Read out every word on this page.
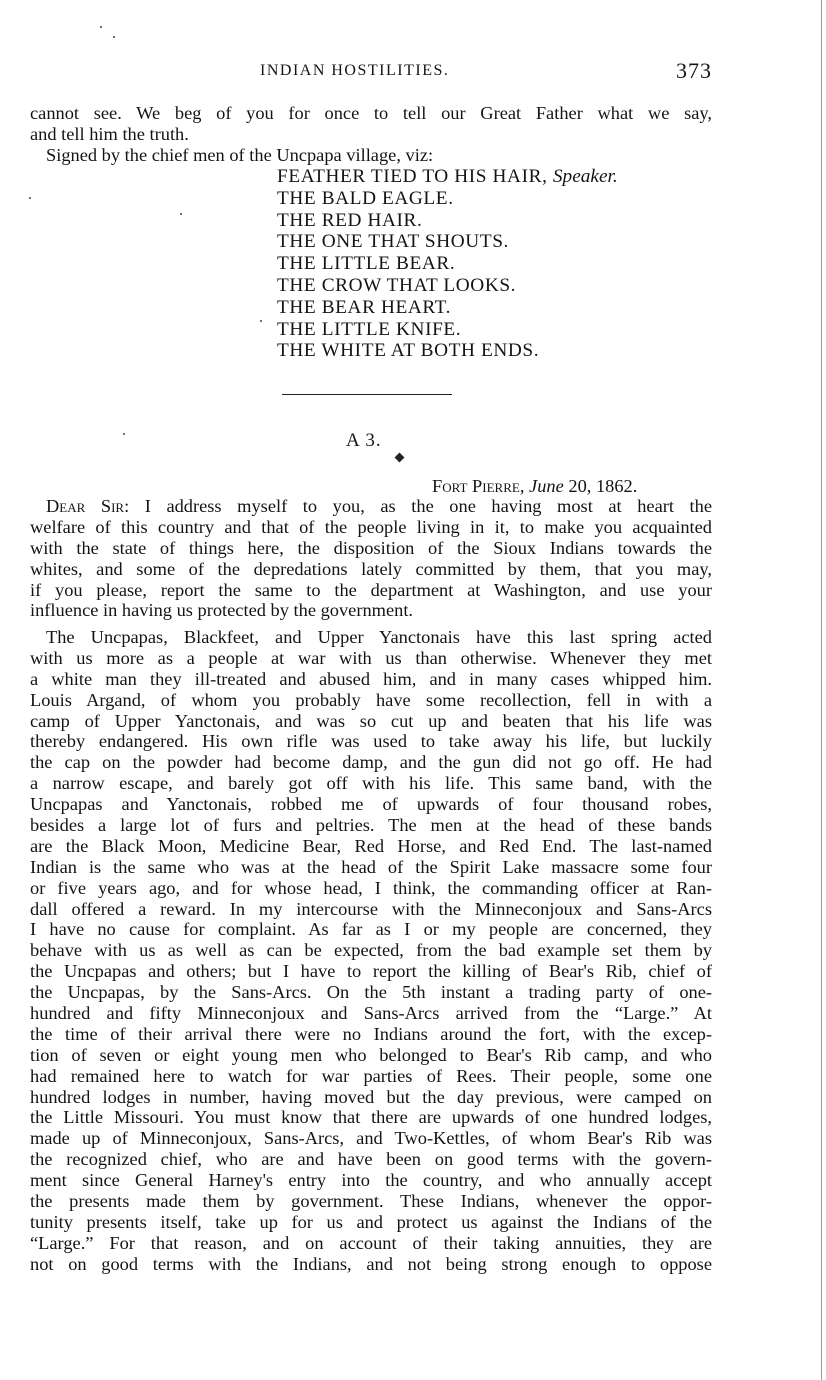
INDIAN HOSTILITIES.	373
cannot see. We beg of you for once to tell our Great Father what we say,
and tell him the truth.
Signed by the chief men of the Uncpapa village, viz:
FEATHER TIED TO HIS HAIR, Speaker.
THE BALD EAGLE.
THE RED HAIR.
THE ONE THAT SHOUTS.
THE LITTLE BEAR.
THE CROW THAT LOOKS.
THE BEAR HEART.
THE LITTLE KNIFE.
THE WHITE AT BOTH ENDS.
A 3.
Fort Pierre, June 20, 1862.
Dear Sir: I address myself to you, as the one having most at heart the
welfare of this country and that of the people living in it, to make you acquainted
with the state of things here, the disposition of the Sioux Indians towards the
whites, and some of the depredations lately committed by them, that you may,
if you please, report the same to the department at Washington, and use your
influence in having us protected by the government.
The Uncpapas, Blackfeet, and Upper Yanctonais have this last spring acted
with us more as a people at war with us than otherwise. Whenever they met
a white man they ill-treated and abused him, and in many cases whipped him.
Louis Argand, of whom you probably have some recollection, fell in with a
camp of Upper Yanctonais, and was so cut up and beaten that his life was
thereby endangered. His own rifle was used to take away his life, but luckily
the cap on the powder had become damp, and the gun did not go off. He had
a narrow escape, and barely got off with his life. This same band, with the
Uncpapas and Yanctonais, robbed me of upwards of four thousand robes,
besides a large lot of furs and peltries. The men at the head of these bands
are the Black Moon, Medicine Bear, Red Horse, and Red End. The last-named
Indian is the same who was at the head of the Spirit Lake massacre some four
or five years ago, and for whose head, I think, the commanding officer at Ran-
dall offered a reward. In my intercourse with the Minneconjoux and Sans-Arcs
I have no cause for complaint. As far as I or my people are concerned, they
behave with us as well as can be expected, from the bad example set them by
the Uncpapas and others; but I have to report the killing of Bear's Rib, chief of
the Uncpapas, by the Sans-Arcs. On the 5th instant a trading party of one-
hundred and fifty Minneconjoux and Sans-Arcs arrived from the “Large.” At
the time of their arrival there were no Indians around the fort, with the excep-
tion of seven or eight young men who belonged to Bear's Rib camp, and who
had remained here to watch for war parties of Rees. Their people, some one
hundred lodges in number, having moved but the day previous, were camped on
the Little Missouri. You must know that there are upwards of one hundred lodges,
made up of Minneconjoux, Sans-Arcs, and Two-Kettles, of whom Bear's Rib was
the recognized chief, who are and have been on good terms with the govern-
ment since General Harney's entry into the country, and who annually accept
the presents made them by government. These Indians, whenever the oppor-
tunity presents itself, take up for us and protect us against the Indians of the
“Large.” For that reason, and on account of their taking annuities, they are
not on good terms with the Indians, and not being strong enough to oppose
